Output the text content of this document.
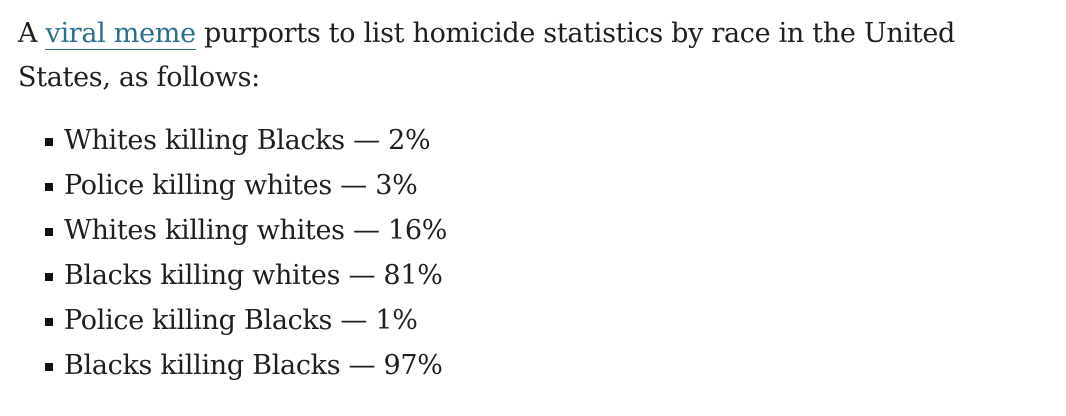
A viral meme purports to list homicide statistics by race in the United States, as follows:

Whites killing Blacks — 2%
Police killing whites — 3%
Whites killing whites — 16%
Blacks killing whites — 81%
Police killing Blacks — 1%
Blacks killing Blacks — 97%
